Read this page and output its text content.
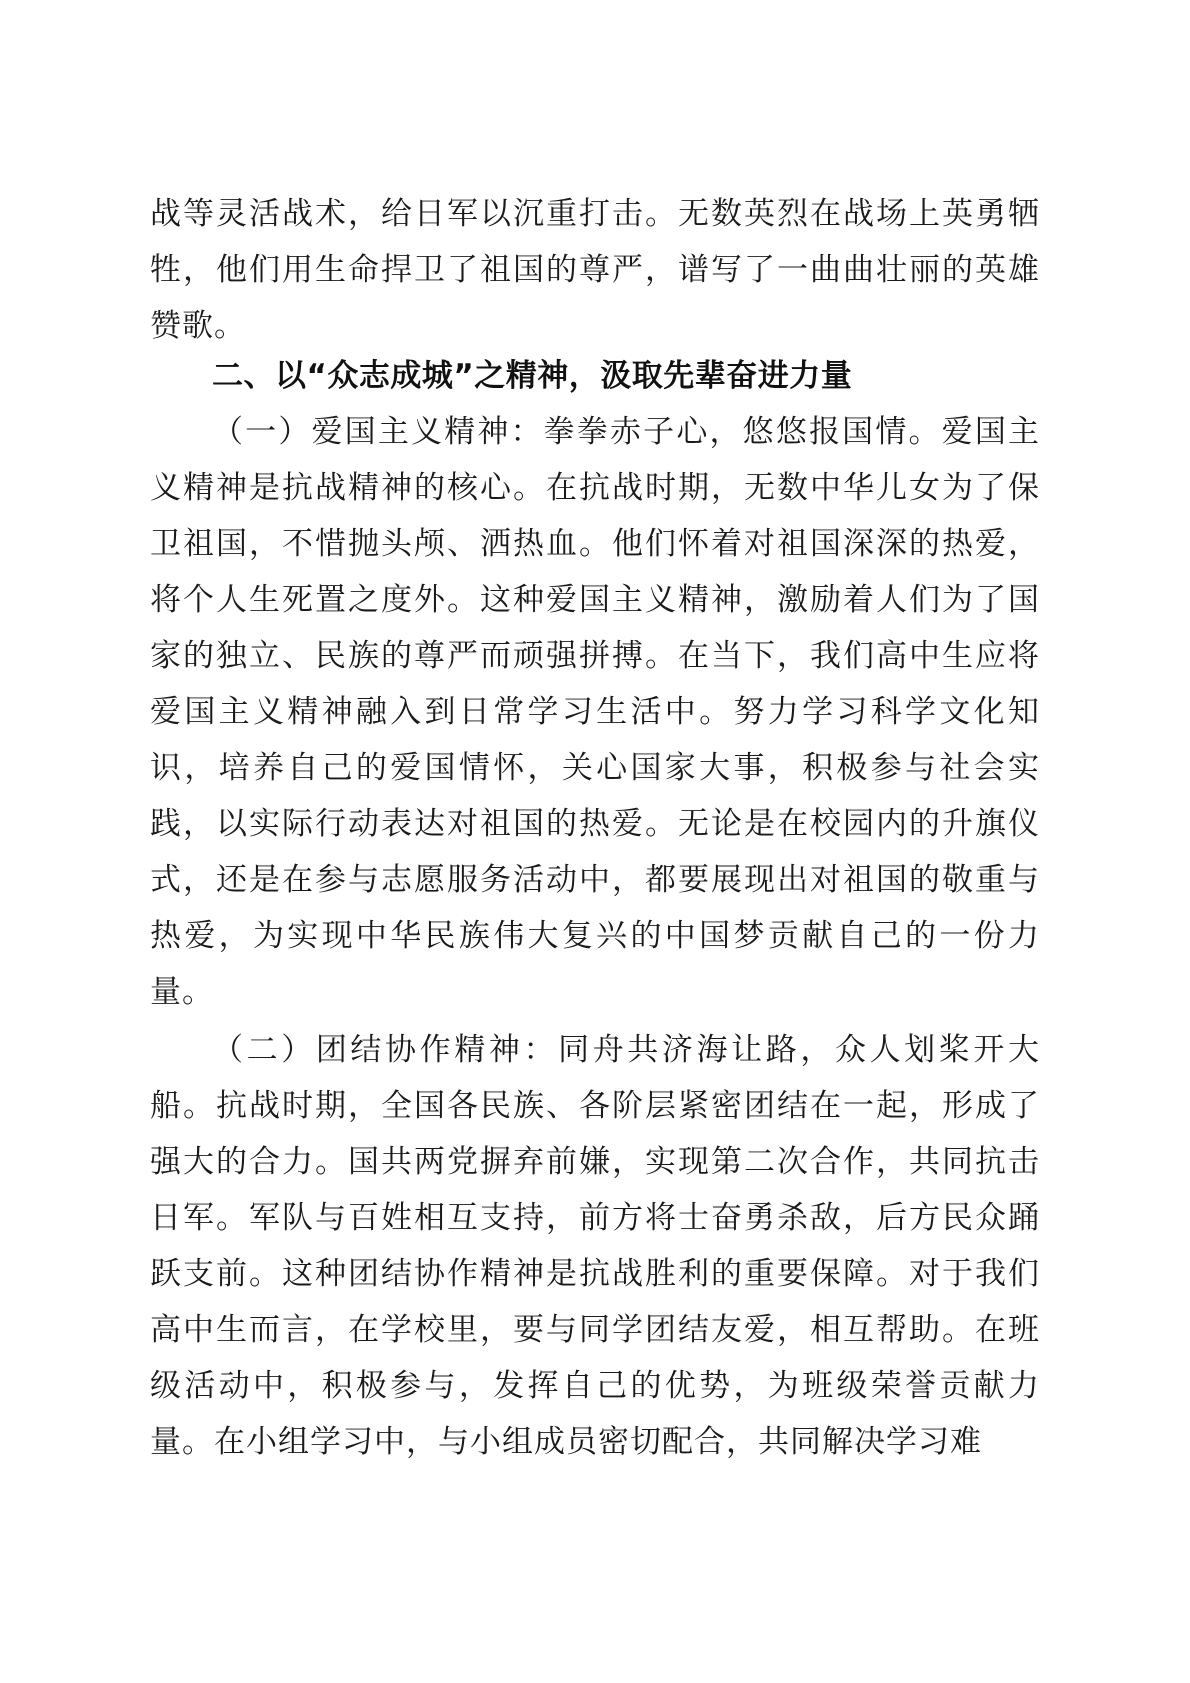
战等灵活战术，给日军以沉重打击。无数英烈在战场上英勇牺牲，他们用生命捍卫了祖国的尊严，谱写了一曲曲壮丽的英雄赞歌。

二、以“众志成城”之精神，汲取先辈奋进力量

（一）爱国主义精神：拳拳赤子心，悠悠报国情。爱国主义精神是抗战精神的核心。在抗战时期，无数中华儿女为了保卫祖国，不惜抛头颅、洒热血。他们怀着对祖国深深的热爱，将个人生死置之度外。这种爱国主义精神，激励着人们为了国家的独立、民族的尊严而顽强拼搏。在当下，我们高中生应将爱国主义精神融入到日常学习生活中。努力学习科学文化知识，培养自己的爱国情怀，关心国家大事，积极参与社会实践，以实际行动表达对祖国的热爱。无论是在校园内的升旗仪式，还是在参与志愿服务活动中，都要展现出对祖国的敬重与热爱，为实现中华民族伟大复兴的中国梦贡献自己的一份力量。

（二）团结协作精神：同舟共济海让路，众人划桨开大船。抗战时期，全国各民族、各阶层紧密团结在一起，形成了强大的合力。国共两党摒弃前嫌，实现第二次合作，共同抗击日军。军队与百姓相互支持，前方将士奋勇杀敌，后方民众踊跃支前。这种团结协作精神是抗战胜利的重要保障。对于我们高中生而言，在学校里，要与同学团结友爱，相互帮助。在班级活动中，积极参与，发挥自己的优势，为班级荣誉贡献力量。在小组学习中，与小组成员密切配合，共同解决学习难
